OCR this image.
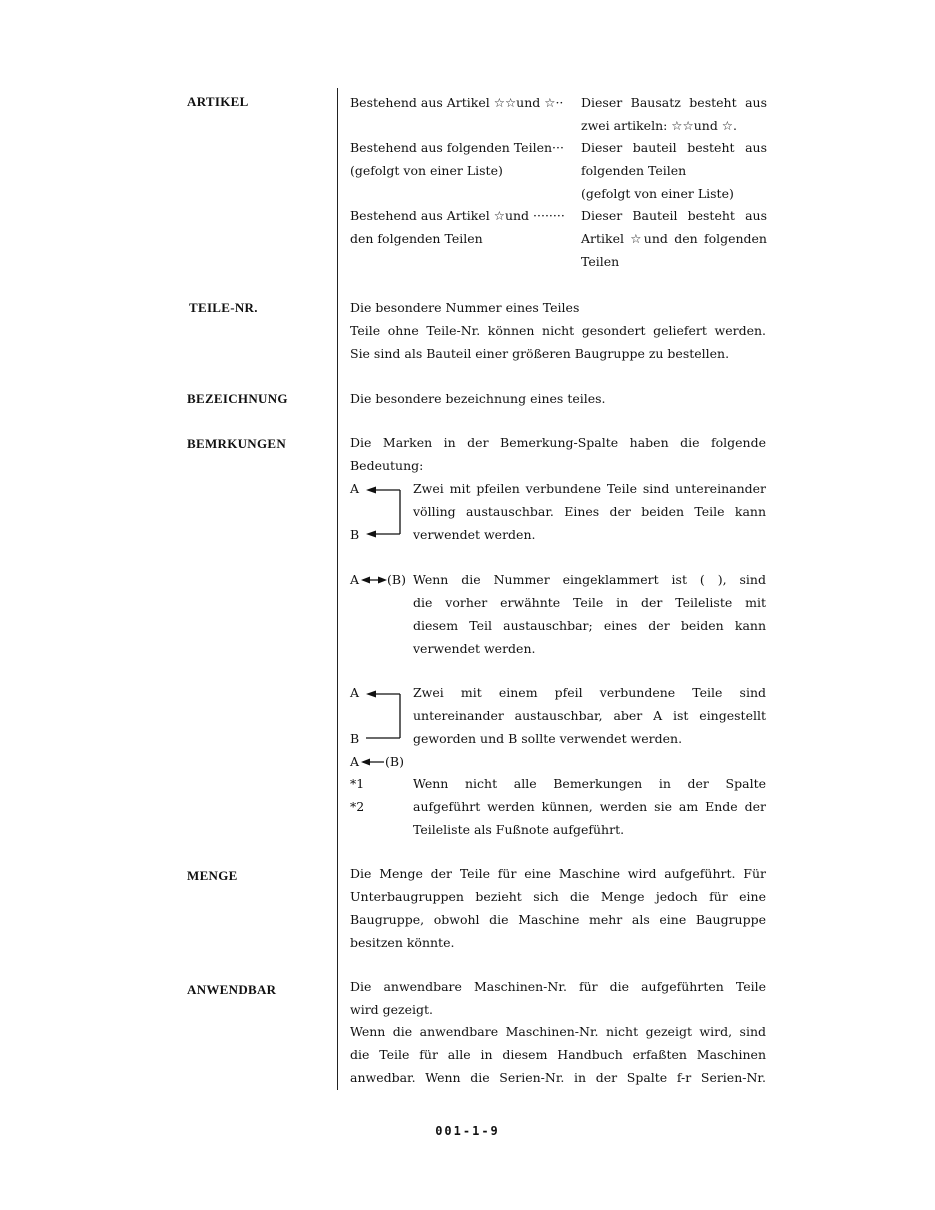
ARTIKEL
TEILE-NR.
BEZEICHNUNG
BEMRKUNGEN
MENGE
ANWENDBAR
Bestehend aus Artikel ☆☆und ☆·· Dieser Bausatz besteht aus
zwei artikeln: ☆☆und ☆.
Bestehend aus folgenden Teilen···
(gefolgt von einer Liste)
Dieser bauteil besteht aus
folgenden Teilen
(gefolgt von einer Liste)
Bestehend aus Artikel ☆und ········
den folgenden Teilen
Dieser Bauteil besteht aus
Artikel ☆und den folgenden
Teilen
Die besondere Nummer eines Teiles
Teile ohne Teile-Nr. können nicht gesondert geliefert werden.
Sie sind als Bauteil einer größeren Baugruppe zu bestellen.
Die besondere bezeichnung eines teiles.
Die Marken in der Bemerkung-Spalte haben die folgende
Bedeutung:
A
B
Zwei mit pfeilen verbundene Teile sind untereinander
völling austauschbar. Eines der beiden Teile kann
verwendet werden.
A (B) Wenn die Nummer eingeklammert ist ( ), sind
die vorher erwähnte Teile in der Teileliste mit
diesem Teil austauschbar; eines der beiden kann
verwendet werden.
A
B
Zwei mit einem pfeil verbundene Teile sind
untereinander austauschbar, aber A ist eingestellt
geworden und B sollte verwendet werden.
A (B)
*1
*2
Wenn nicht alle Bemerkungen in der Spalte
aufgeführt werden künnen, werden sie am Ende der
Teileliste als Fußnote aufgeführt.
Die Menge der Teile für eine Maschine wird aufgeführt. Für
Unterbaugruppen bezieht sich die Menge jedoch für eine
Baugruppe, obwohl die Maschine mehr als eine Baugruppe
besitzen könnte.
Die anwendbare Maschinen-Nr. für die aufgeführten Teile
wird gezeigt.
Wenn die anwendbare Maschinen-Nr. nicht gezeigt wird, sind
die Teile für alle in diesem Handbuch erfaßten Maschinen
anwedbar. Wenn die Serien-Nr. in der Spalte f-r Serien-Nr.
001-1-9
